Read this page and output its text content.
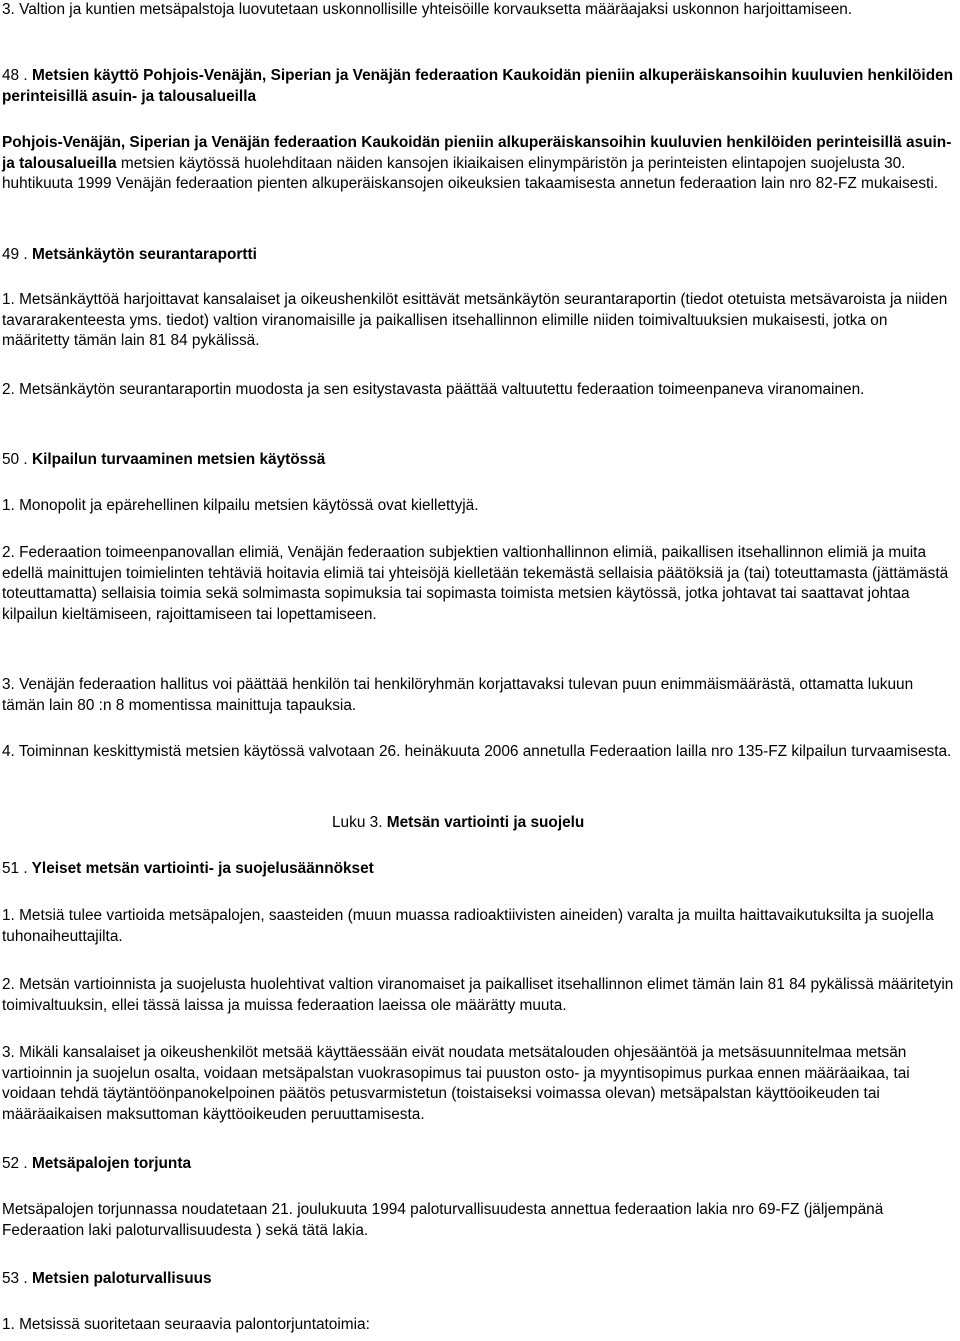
3. Valtion ja kuntien metsäpalstoja luovutetaan uskonnollisille yhteisöille korvauksetta määräajaksi uskonnon harjoittamiseen.

48 . Metsien käyttö Pohjois-Venäjän, Siperian ja Venäjän federaation Kaukoidän pieniin alkuperäiskansoihin kuuluvien henkilöiden perinteisillä asuin- ja talousalueilla

Pohjois-Venäjän, Siperian ja Venäjän federaation Kaukoidän pieniin alkuperäiskansoihin kuuluvien henkilöiden perinteisillä asuin- ja talousalueilla metsien käytössä huolehditaan näiden kansojen ikiaikaisen elinympäristön ja perinteisten elintapojen suojelusta 30. huhtikuuta 1999 Venäjän federaation pienten alkuperäiskansojen oikeuksien takaamisesta annetun federaation lain nro 82-FZ mukaisesti.

49 . Metsänkäytön seurantaraportti

1. Metsänkäyttöä harjoittavat kansalaiset ja oikeushenkilöt esittävät metsänkäytön seurantaraportin (tiedot otetuista metsävaroista ja niiden tavararakenteesta yms. tiedot) valtion viranomaisille ja paikallisen itsehallinnon elimille niiden toimivaltuuksien mukaisesti, jotka on määritetty tämän lain 81 84 pykälissä.

2. Metsänkäytön seurantaraportin muodosta ja sen esitystavasta päättää valtuutettu federaation toimeenpaneva viranomainen.

50 . Kilpailun turvaaminen metsien käytössä

1. Monopolit ja epärehellinen kilpailu metsien käytössä ovat kiellettyjä.

2. Federaation toimeenpanovallan elimiä, Venäjän federaation subjektien valtionhallinnon elimiä, paikallisen itsehallinnon elimiä ja muita edellä mainittujen toimielinten tehtäviä hoitavia elimiä tai yhteisöjä kielletään tekemästä sellaisia päätöksiä ja (tai) toteuttamasta (jättämästä toteuttamatta) sellaisia toimia sekä solmimasta sopimuksia tai sopimasta toimista metsien käytössä, jotka johtavat tai saattavat johtaa kilpailun kieltämiseen, rajoittamiseen tai lopettamiseen.

3. Venäjän federaation hallitus voi päättää henkilön tai henkilöryhmän korjattavaksi tulevan puun enimmäismäärästä, ottamatta lukuun tämän lain 80 :n 8 momentissa mainittuja tapauksia.

4. Toiminnan keskittymistä metsien käytössä valvotaan 26. heinäkuuta 2006 annetulla Federaation lailla nro 135-FZ kilpailun turvaamisesta.

Luku 3. Metsän vartiointi ja suojelu

51 . Yleiset metsän vartiointi- ja suojelusäännökset

1. Metsiä tulee vartioida metsäpalojen, saasteiden (muun muassa radioaktiivisten aineiden) varalta ja muilta haittavaikutuksilta ja suojella tuhonaiheuttajilta.

2. Metsän vartioinnista ja suojelusta huolehtivat valtion viranomaiset ja paikalliset itsehallinnon elimet tämän lain 81 84 pykälissä määritetyin toimivaltuuksin, ellei tässä laissa ja muissa federaation laeissa ole määrätty muuta.

3. Mikäli kansalaiset ja oikeushenkilöt metsää käyttäessään eivät noudata metsätalouden ohjesääntöä ja metsäsuunnitelmaa metsän vartioinnin ja suojelun osalta, voidaan metsäpalstan vuokrasopimus tai puuston osto- ja myyntisopimus purkaa ennen määräaikaa, tai voidaan tehdä täytäntöönpanokelpoinen päätös petusvarmistetun (toistaiseksi voimassa olevan) metsäpalstan käyttöoikeuden tai määräaikaisen maksuttoman käyttöoikeuden peruuttamisesta.

52 . Metsäpalojen torjunta

Metsäpalojen torjunnassa noudatetaan 21. joulukuuta 1994 paloturvallisuudesta annettua federaation lakia nro 69-FZ (jäljempänä Federaation laki paloturvallisuudesta ) sekä tätä lakia.

53 . Metsien paloturvallisuus

1. Metsissä suoritetaan seuraavia palontorjuntatoimia:
